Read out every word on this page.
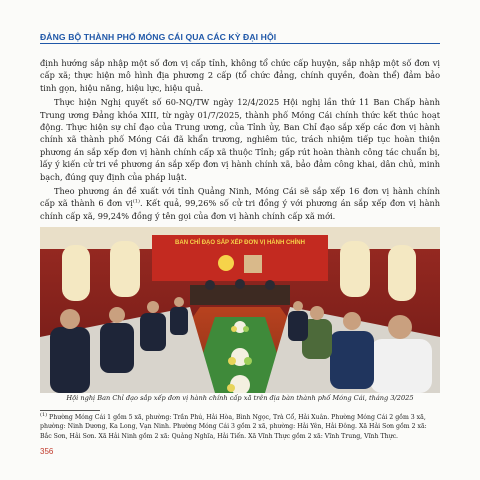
ĐẢNG BỘ THÀNH PHỐ MÓNG CÁI QUA CÁC KỲ ĐẠI HỘI

định hướng sắp nhập một số đơn vị cấp tỉnh, không tổ chức cấp huyện, sắp nhập một số đơn vị cấp xã; thực hiện mô hình địa phương 2 cấp (tổ chức đảng, chính quyền, đoàn thể) đảm bảo tinh gọn, hiệu năng, hiệu lực, hiệu quả.

Thực hiện Nghị quyết số 60-NQ/TW ngày 12/4/2025 Hội nghị lần thứ 11 Ban Chấp hành Trung ương Đảng khóa XIII, từ ngày 01/7/2025, thành phố Móng Cái chính thức kết thúc hoạt động. Thực hiện sự chỉ đạo của Trung ương, của Tỉnh ủy, Ban Chỉ đạo sắp xếp các đơn vị hành chính xã thành phố Móng Cái đã khẩn trương, nghiêm túc, trách nhiệm tiếp tục hoàn thiện phương án sắp xếp đơn vị hành chính cấp xã thuộc Tỉnh; gấp rút hoàn thành công tác chuẩn bị, lấy ý kiến cử tri về phương án sắp xếp đơn vị hành chính xã, bảo đảm công khai, dân chủ, minh bạch, đúng quy định của pháp luật.

Theo phương án đề xuất với tỉnh Quảng Ninh, Móng Cái sẽ sắp xếp 16 đơn vị hành chính cấp xã thành 6 đơn vị$^{(1)}$. Kết quả, 99,26% số cử tri đồng ý với phương án sắp xếp đơn vị hành chính cấp xã, 99,24% đồng ý tên gọi của đơn vị hành chính cấp xã mới.

BAN CHỈ ĐẠO SẮP XẾP ĐƠN VỊ HÀNH CHÍNH
Hội nghị Ban Chỉ đạo sắp xếp đơn vị hành chính cấp xã trên địa bàn thành phố Móng Cái, tháng 3/2025
$^{(1)}$ Phường Móng Cái 1 gồm 5 xã, phường: Trần Phú, Hải Hòa, Bình Ngọc, Trà Cổ, Hải Xuân. Phường Móng Cái 2 gồm 3 xã, phường: Ninh Dương, Ka Long, Vạn Ninh. Phường Móng Cái 3 gồm 2 xã, phường: Hải Yên, Hải Đông. Xã Hải Sơn gồm 2 xã: Bắc Sơn, Hải Sơn. Xã Hải Ninh gồm 2 xã: Quảng Nghĩa, Hải Tiến. Xã Vĩnh Thực gồm 2 xã: Vĩnh Trung, Vĩnh Thực.
356
